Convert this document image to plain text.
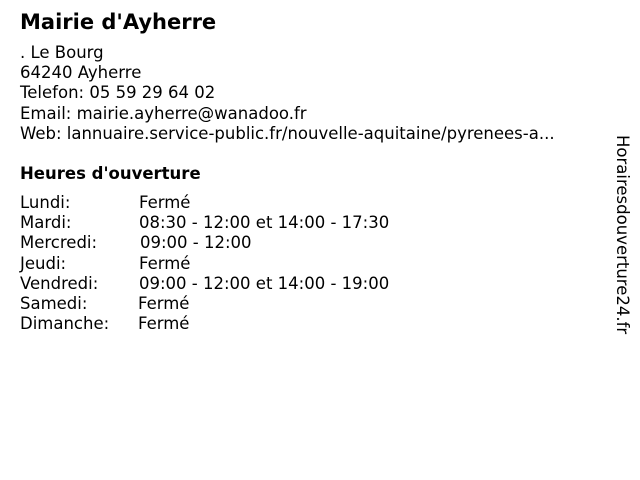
Mairie d'Ayherre
. Le Bourg
64240 Ayherre
Telefon: 05 59 29 64 02
Email: mairie.ayherre@wanadoo.fr
Web: lannuaire.service-public.fr/nouvelle-aquitaine/pyrenees-a...
Heures d'ouverture
Lundi:	Fermé
Mardi:	08:30 - 12:00 et 14:00 - 17:30
Mercredi:	09:00 - 12:00
Jeudi:	Fermé
Vendredi: 09:00 - 12:00 et 14:00 - 19:00
Samedi:	Fermé
Dimanche: Fermé	Horairesdouverture24.fr
